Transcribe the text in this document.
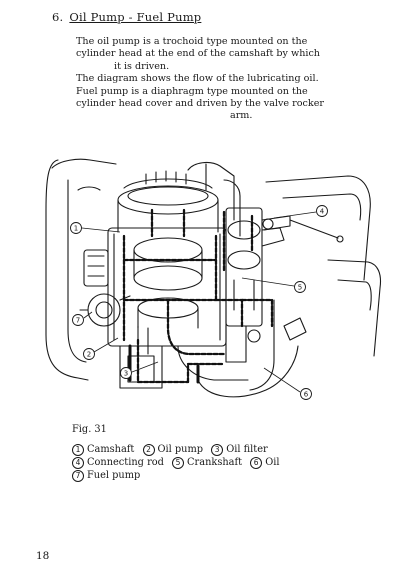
6. Oil Pump - Fuel Pump

The oil pump is a trochoid type mounted on the

cylinder head at the end of the camshaft by which

it is driven.

The diagram shows the flow of the lubricating oil.

Fuel pump is a diaphragm type mounted on the

cylinder head cover and driven by the valve rocker

arm.

1
2
3
4
5
6
7
Fig. 31
1 Camshaft 2 Oil pump 3 Oil filter
4 Connecting rod 5 Crankshaft 6 Oil
7 Fuel pump
18
